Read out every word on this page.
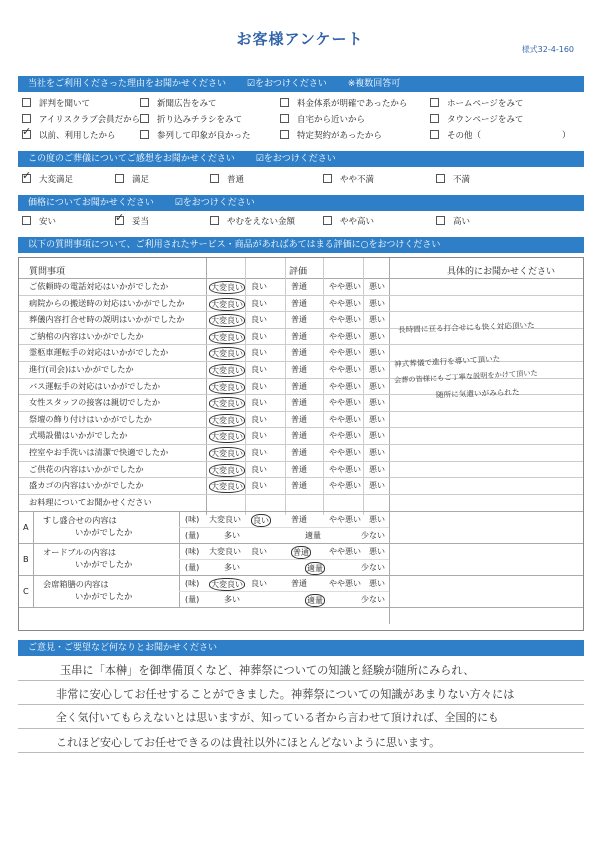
様式32-4-160
お客様アンケート
当社をご利用くださった理由をお聞かせください ☑をおつけください ※複数回答可
評判を聞いて	新聞広告をみて	料金体系が明確であったから	ホームページをみて
アイリスクラブ会員だから	折り込みチラシをみて	自宅から近いから	タウンページをみて
✓以前、利用したから	参列して印象が良かった	特定契約があったから	その他（	）
この度のご葬儀についてご感想をお聞かせください ☑をおつけください
✓大変満足	満足	普通	やや不満	不満
価格についてお聞かせください ☑をおつけください
安い
✓	妥当	やむをえない金額	やや高い	高い
以下の質問事項について、ご利用されたサービス・商品があればあてはまる評価に○をおつけください
質問事項	評価	具体的にお聞かせください
ご依頼時の電話対応はいかがでしたか	大変良い 良い	普通	やや悪い 悪い
病院からの搬送時の対応はいかがでしたか	大変良い 良い	普通	やや悪い 悪い
葬儀内容打合せ時の説明はいかがでしたか	大変良い 良い	普通	やや悪い 悪い
ご納棺の内容はいかがでしたか	大変良い 良い	普通	やや悪い 悪い
霊柩車運転手の対応はいかがでしたか	大変良い 良い	普通	やや悪い 悪い
進行(司会)はいかがでしたか	大変良い 良い	普通	やや悪い 悪い
バス運転手の対応はいかがでしたか	大変良い 良い	普通	やや悪い 悪い
女性スタッフの接客は親切でしたか	大変良い 良い	普通	やや悪い 悪い
祭壇の飾り付けはいかがでしたか	大変良い 良い	普通	やや悪い 悪い
式場設備はいかがでしたか	大変良い 良い	普通	やや悪い 悪い
控室やお手洗いは清潔で快適でしたか	大変良い 良い	普通	やや悪い 悪い
ご供花の内容はいかがでしたか	大変良い 良い	普通	やや悪い 悪い
盛カゴの内容はいかがでしたか	大変良い 良い	普通	やや悪い 悪い
お料理についてお聞かせください
A
すし盛合せの内容は
いかがでしたか
(味)
(量)
大変良い 良い	普通	やや悪い 悪い
多い	適量	少ない
B
オードブルの内容は
いかがでしたか
(味)
(量)
大変良い 良い	普通	やや悪い 悪い
多い	適量	少ない
C
会席箱膳の内容は
いかがでしたか
(味)
(量)
大変良い 良い	普通	やや悪い 悪い
多い	適量	少ない
長時間に亘る打合せにも快く対応頂いた
神式葬儀で進行を導いて頂いた
会葬の皆様にもご丁寧な説明をかけて頂いた
随所に気遣いがみられた
ご意見・ご要望など何なりとお聞かせください
玉串に「本榊」を御準備頂くなど、神葬祭についての知識と経験が随所にみられ、
非常に安心してお任せすることができました。神葬祭についての知識があまりない方々には
全く気付いてもらえないとは思いますが、知っている者から言わせて頂ければ、全国的にも
これほど安心してお任せできるのは貴社以外にほとんどないように思います。
